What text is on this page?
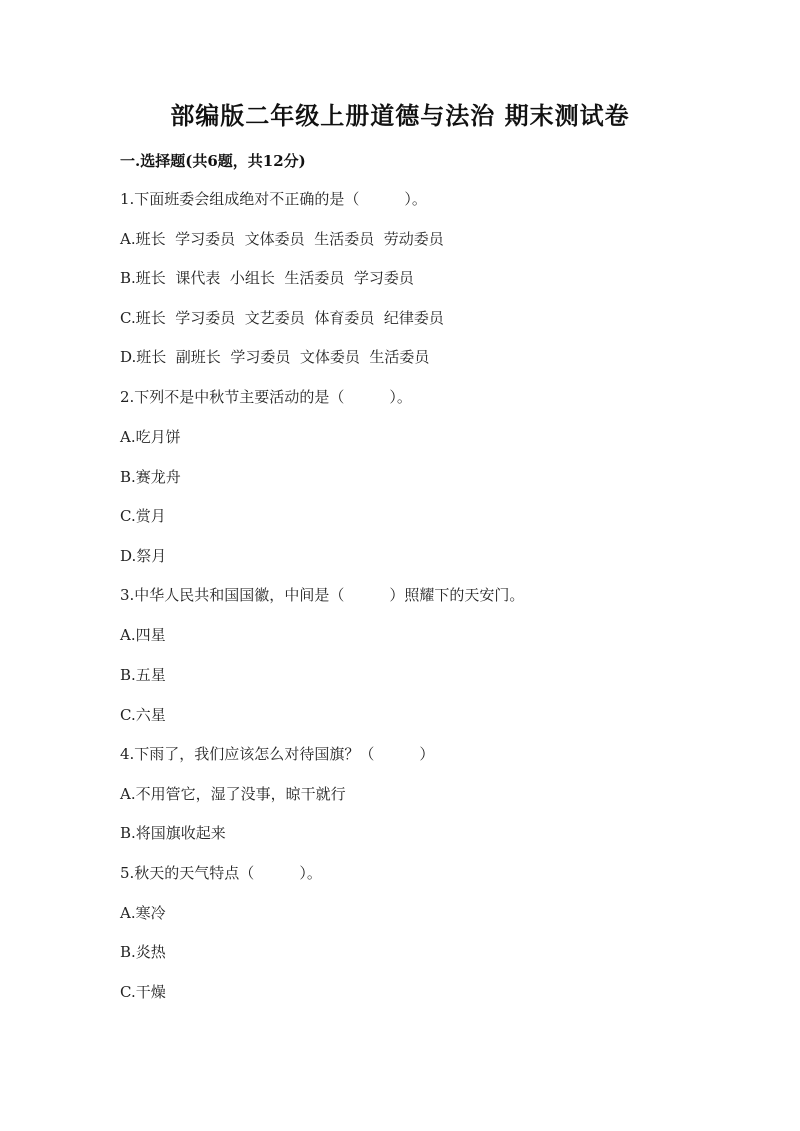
部编版二年级上册道德与法治 期末测试卷
一.选择题(共6题，共12分)
1.下面班委会组成绝对不正确的是（　　　）。
A.班长  学习委员  文体委员  生活委员  劳动委员
B.班长  课代表  小组长  生活委员  学习委员
C.班长  学习委员  文艺委员  体育委员  纪律委员
D.班长  副班长  学习委员  文体委员  生活委员
2.下列不是中秋节主要活动的是（　　　）。
A.吃月饼
B.赛龙舟
C.赏月
D.祭月
3.中华人民共和国国徽，中间是（　　　）照耀下的天安门。
A.四星
B.五星
C.六星
4.下雨了，我们应该怎么对待国旗？（　　　）
A.不用管它，湿了没事，晾干就行
B.将国旗收起来
5.秋天的天气特点（　　　）。
A.寒冷
B.炎热
C.干燥
